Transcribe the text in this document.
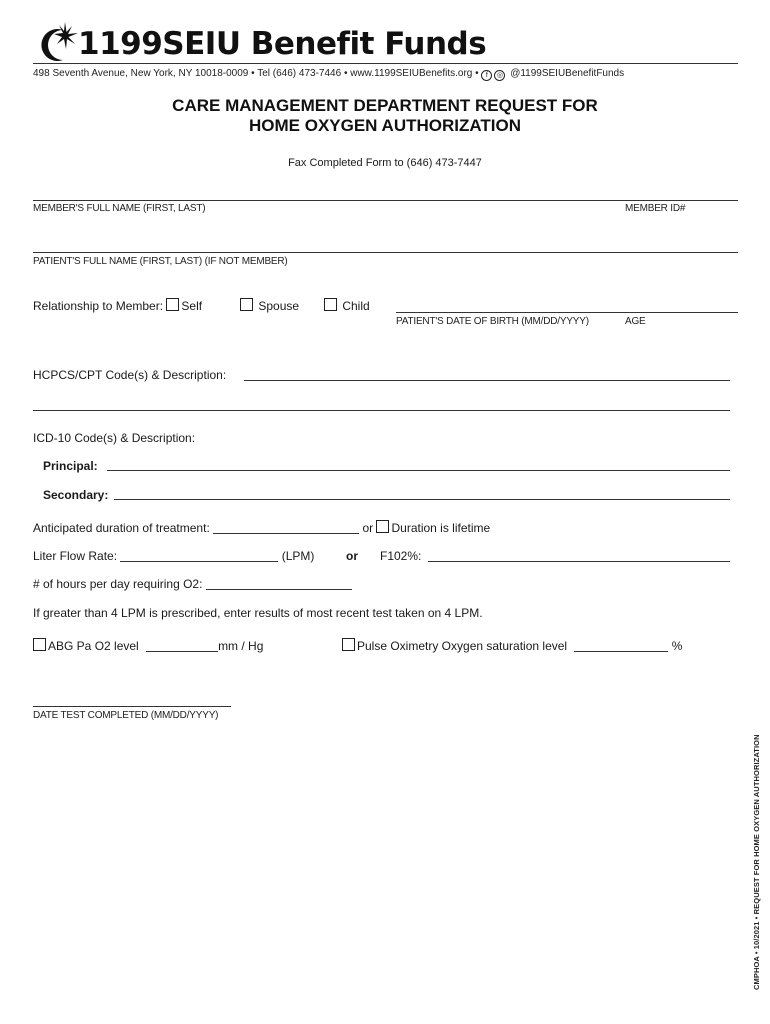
1199SEIU Benefit Funds
498 Seventh Avenue, New York, NY 10018-0009 • Tel (646) 473-7446 • www.1199SEIUBenefits.org • f ◎ @1199SEIUBenefitFunds
CARE MANAGEMENT DEPARTMENT REQUEST FOR
HOME OXYGEN AUTHORIZATION
Fax Completed Form to (646) 473-7447
MEMBER'S FULL NAME (FIRST, LAST)	MEMBER ID#
PATIENT'S FULL NAME (FIRST, LAST) (IF NOT MEMBER)
Relationship to Member: Self	Spouse	Child
PATIENT'S DATE OF BIRTH (MM/DD/YYYY)	AGE
HCPCS/CPT Code(s) & Description:
ICD-10 Code(s) & Description:
Principal:
Secondary:
Anticipated duration of treatment:	or Duration is lifetime
Liter Flow Rate:	(LPM)	or F102%:
# of hours per day requiring O2:
If greater than 4 LPM is prescribed, enter results of most recent test taken on 4 LPM.
ABG Pa O2 level	mm / Hg	Pulse Oximetry Oxygen saturation level	%
DATE TEST COMPLETED (MM/DD/YYYY)
CMPHOA • 10/2021 • REQUEST FOR HOME OXYGEN AUTHORIZATION
